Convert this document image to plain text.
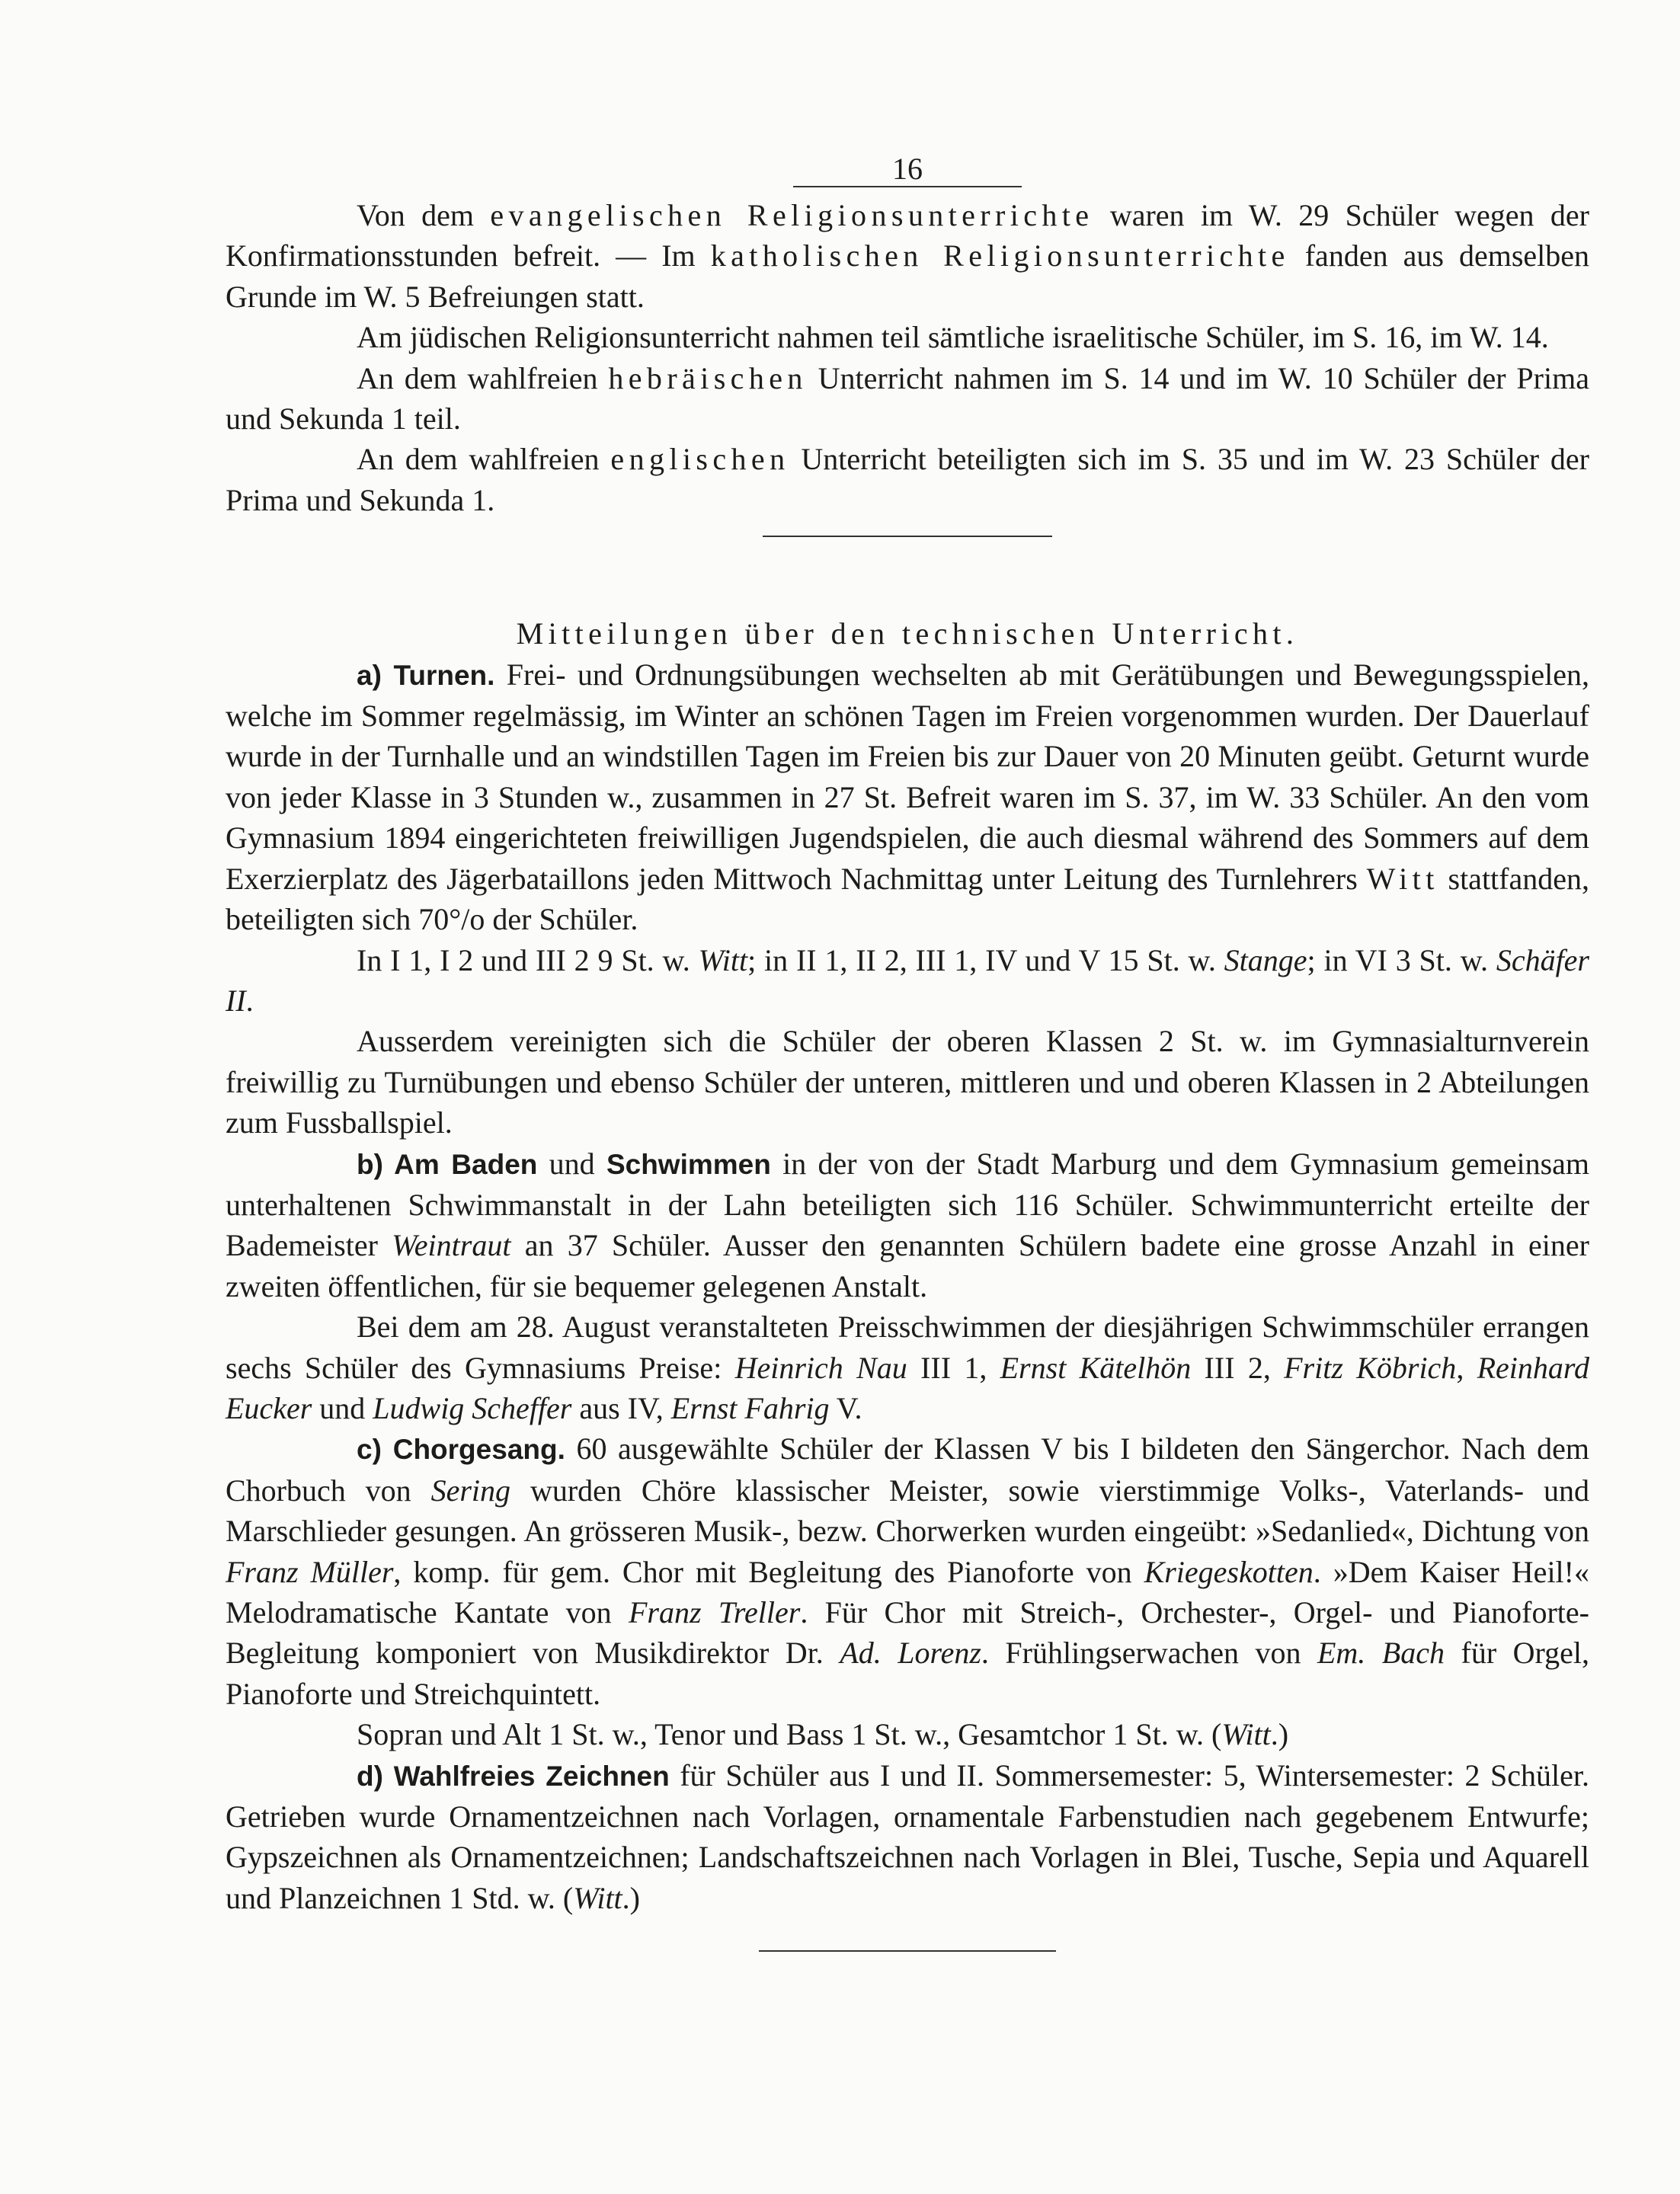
16

Von dem evangelischen Religionsunterrichte waren im W. 29 Schüler wegen der Konfirmationsstunden befreit. — Im katholischen Religionsunterrichte fanden aus demselben Grunde im W. 5 Befreiungen statt.

Am jüdischen Religionsunterricht nahmen teil sämtliche israelitische Schüler, im S. 16, im W. 14.

An dem wahlfreien hebräischen Unterricht nahmen im S. 14 und im W. 10 Schüler der Prima und Sekunda 1 teil.

An dem wahlfreien englischen Unterricht beteiligten sich im S. 35 und im W. 23 Schüler der Prima und Sekunda 1.

Mitteilungen über den technischen Unterricht.

a) Turnen. Frei- und Ordnungsübungen wechselten ab mit Gerätübungen und Bewegungsspielen, welche im Sommer regelmässig, im Winter an schönen Tagen im Freien vorgenommen wurden. Der Dauerlauf wurde in der Turnhalle und an windstillen Tagen im Freien bis zur Dauer von 20 Minuten geübt. Geturnt wurde von jeder Klasse in 3 Stunden w., zusammen in 27 St. Befreit waren im S. 37, im W. 33 Schüler. An den vom Gymnasium 1894 eingerichteten freiwilligen Jugendspielen, die auch diesmal während des Sommers auf dem Exerzierplatz des Jägerbataillons jeden Mittwoch Nachmittag unter Leitung des Turnlehrers Witt stattfanden, beteiligten sich 70°/o der Schüler.

In I 1, I 2 und III 2 9 St. w. Witt; in II 1, II 2, III 1, IV und V 15 St. w. Stange; in VI 3 St. w. Schäfer II.

Ausserdem vereinigten sich die Schüler der oberen Klassen 2 St. w. im Gymnasialturnverein freiwillig zu Turnübungen und ebenso Schüler der unteren, mittleren und und oberen Klassen in 2 Abteilungen zum Fussballspiel.

b) Am Baden und Schwimmen in der von der Stadt Marburg und dem Gymnasium gemeinsam unterhaltenen Schwimmanstalt in der Lahn beteiligten sich 116 Schüler. Schwimmunterricht erteilte der Bademeister Weintraut an 37 Schüler. Ausser den genannten Schülern badete eine grosse Anzahl in einer zweiten öffentlichen, für sie bequemer gelegenen Anstalt.

Bei dem am 28. August veranstalteten Preisschwimmen der diesjährigen Schwimmschüler errangen sechs Schüler des Gymnasiums Preise: Heinrich Nau III 1, Ernst Kätelhön III 2, Fritz Köbrich, Reinhard Eucker und Ludwig Scheffer aus IV, Ernst Fahrig V.

c) Chorgesang. 60 ausgewählte Schüler der Klassen V bis I bildeten den Sängerchor. Nach dem Chorbuch von Sering wurden Chöre klassischer Meister, sowie vierstimmige Volks-, Vaterlands- und Marschlieder gesungen. An grösseren Musik-, bezw. Chorwerken wurden eingeübt: »Sedanlied«, Dichtung von Franz Müller, komp. für gem. Chor mit Begleitung des Pianoforte von Kriegeskotten. »Dem Kaiser Heil!« Melodramatische Kantate von Franz Treller. Für Chor mit Streich-, Orchester-, Orgel- und Pianoforte-Begleitung komponiert von Musikdirektor Dr. Ad. Lorenz. Frühlingserwachen von Em. Bach für Orgel, Pianoforte und Streichquintett.

Sopran und Alt 1 St. w., Tenor und Bass 1 St. w., Gesamtchor 1 St. w. (Witt.)

d) Wahlfreies Zeichnen für Schüler aus I und II. Sommersemester: 5, Wintersemester: 2 Schüler. Getrieben wurde Ornamentzeichnen nach Vorlagen, ornamentale Farbenstudien nach gegebenem Entwurfe; Gypszeichnen als Ornamentzeichnen; Landschaftszeichnen nach Vorlagen in Blei, Tusche, Sepia und Aquarell und Planzeichnen 1 Std. w. (Witt.)
